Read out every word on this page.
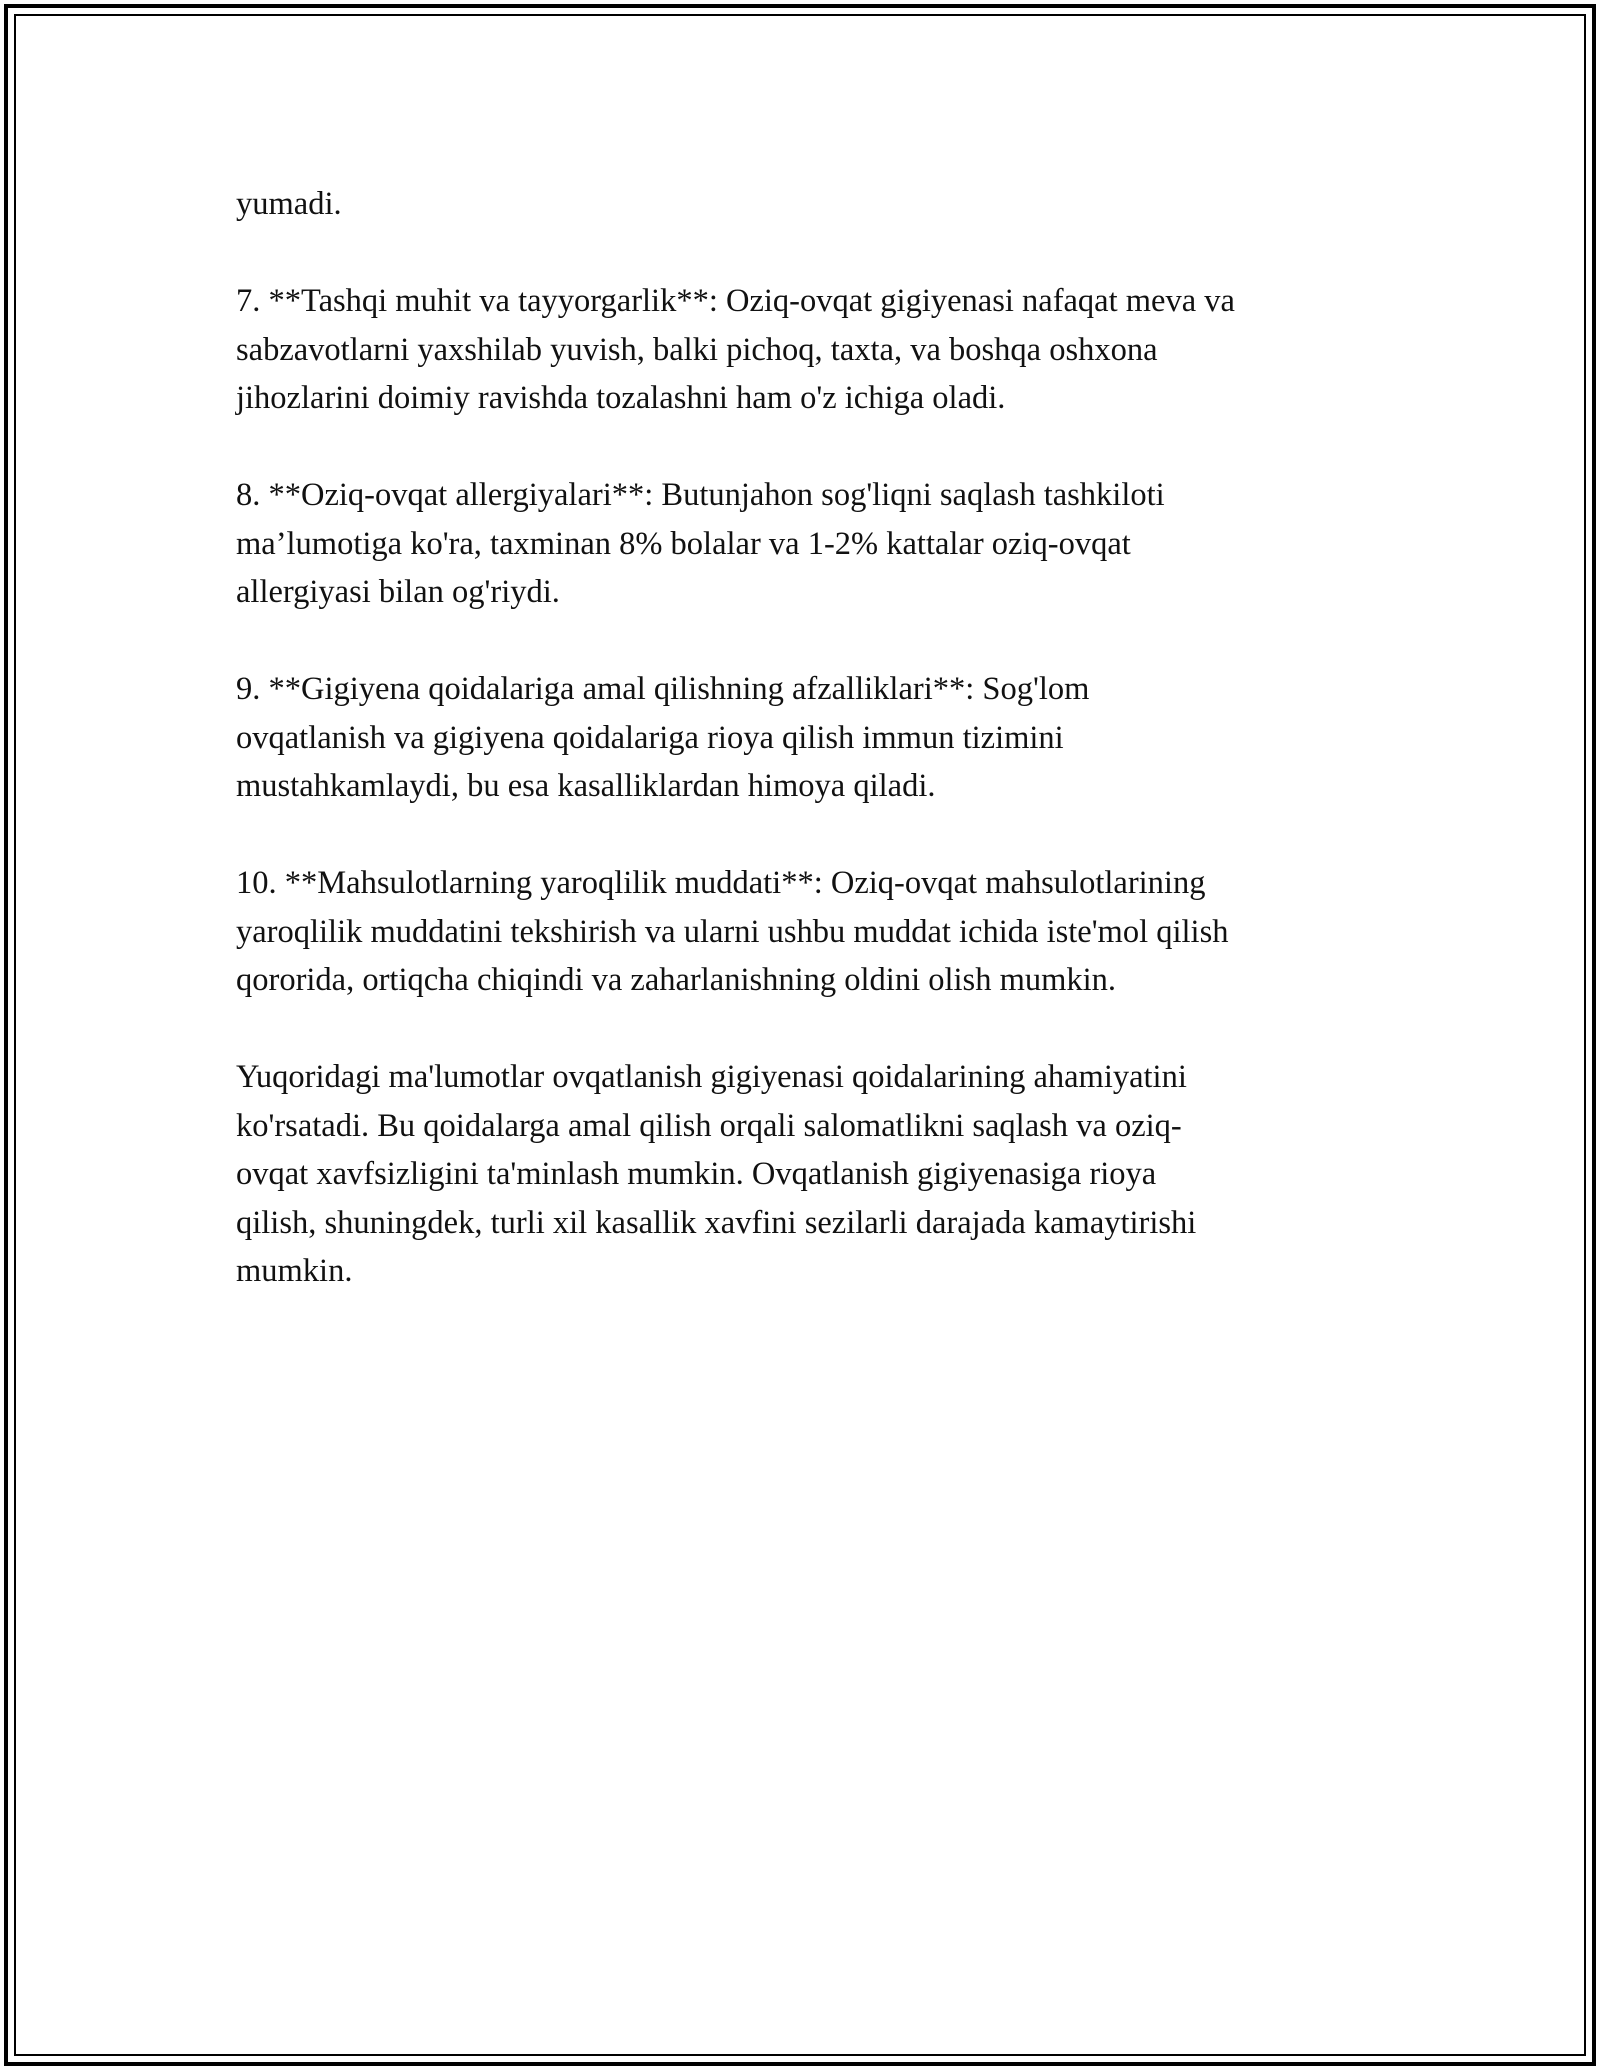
yumadi.

7. **Tashqi muhit va tayyorgarlik**: Oziq-ovqat gigiyenasi nafaqat meva va
sabzavotlarni yaxshilab yuvish, balki pichoq, taxta, va boshqa oshxona
jihozlarini doimiy ravishda tozalashni ham o'z ichiga oladi.

8. **Oziq-ovqat allergiyalari**: Butunjahon sog'liqni saqlash tashkiloti
ma’lumotiga ko'ra, taxminan 8% bolalar va 1-2% kattalar oziq-ovqat
allergiyasi bilan og'riydi.

9. **Gigiyena qoidalariga amal qilishning afzalliklari**: Sog'lom
ovqatlanish va gigiyena qoidalariga rioya qilish immun tizimini
mustahkamlaydi, bu esa kasalliklardan himoya qiladi.

10. **Mahsulotlarning yaroqlilik muddati**: Oziq-ovqat mahsulotlarining
yaroqlilik muddatini tekshirish va ularni ushbu muddat ichida iste'mol qilish
qororida, ortiqcha chiqindi va zaharlanishning oldini olish mumkin.

Yuqoridagi ma'lumotlar ovqatlanish gigiyenasi qoidalarining ahamiyatini
ko'rsatadi. Bu qoidalarga amal qilish orqali salomatlikni saqlash va oziq-
ovqat xavfsizligini ta'minlash mumkin. Ovqatlanish gigiyenasiga rioya
qilish, shuningdek, turli xil kasallik xavfini sezilarli darajada kamaytirishi
mumkin.
